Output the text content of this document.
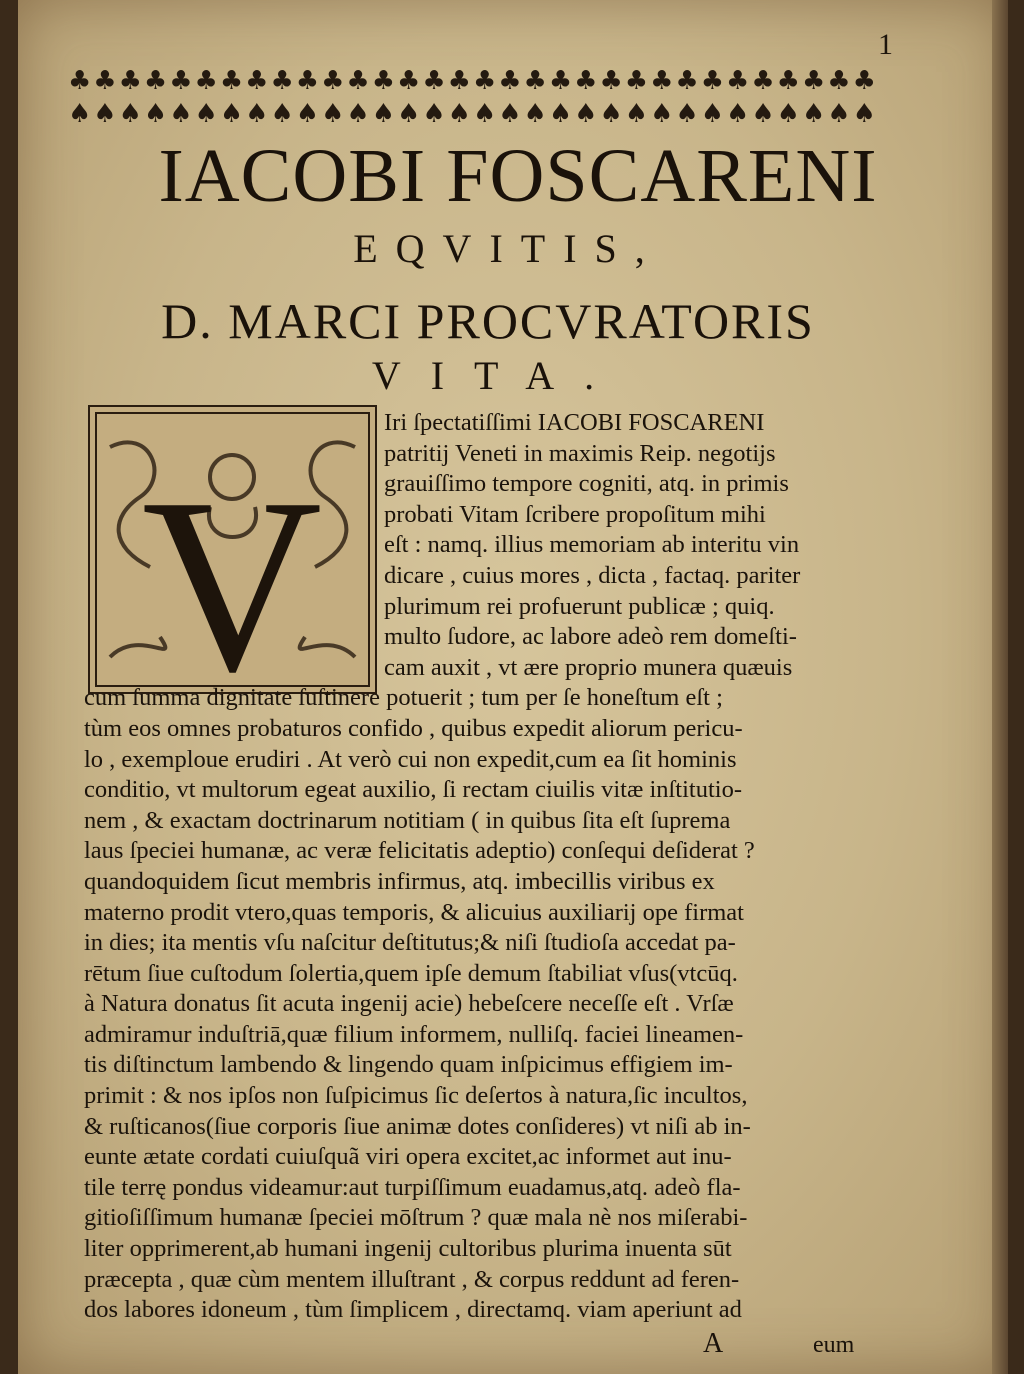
1
♣♣♣♣♣♣♣♣♣♣♣♣♣♣♣♣♣♣♣♣♣♣♣♣♣♣♣♣♣♣♣♣
♠♠♠♠♠♠♠♠♠♠♠♠♠♠♠♠♠♠♠♠♠♠♠♠♠♠♠♠♠♠♠♠
IACOBI FOSCARENI
EQVITIS,
D. MARCI PROCVRATORIS
VITA.
V
Iri ſpectatiſſimi IACOBI FOSCARENI
patritij Veneti in maximis Reip. negotijs
grauiſſimo tempore cogniti, atq. in primis
probati Vitam ſcribere propoſitum mihi
eſt : namq. illius memoriam ab interitu vin
dicare , cuius mores , dicta , factaq. pariter
plurimum rei profuerunt publicæ ; quiq.
multo ſudore, ac labore adeò rem domeſti-
cam auxit , vt ære proprio munera quæuis
cum ſumma dignitate ſuſtinere potuerit ; tum per ſe honeſtum eſt ;
tùm eos omnes probaturos confido , quibus expedit aliorum pericu-
lo , exemploue erudiri . At verò cui non expedit,cum ea ſit hominis
conditio, vt multorum egeat auxilio, ſi rectam ciuilis vitæ inſtitutio-
nem , & exactam doctrinarum notitiam ( in quibus ſita eſt ſuprema
laus ſpeciei humanæ, ac veræ felicitatis adeptio) conſequi deſiderat ?
quandoquidem ſicut membris infirmus, atq. imbecillis viribus ex
materno prodit vtero,quas temporis, & alicuius auxiliarij ope firmat
in dies; ita mentis vſu naſcitur deſtitutus;& niſi ſtudioſa accedat pa-
rētum ſiue cuſtodum ſolertia,quem ipſe demum ſtabiliat vſus(vtcūq.
à Natura donatus ſit acuta ingenij acie) hebeſcere neceſſe eſt . Vrſæ
admiramur induſtriā,quæ filium informem, nulliſq. faciei lineamen-
tis diſtinctum lambendo & lingendo quam inſpicimus effigiem im-
primit : & nos ipſos non ſuſpicimus ſic deſertos à natura,ſic incultos,
& ruſticanos(ſiue corporis ſiue animæ dotes conſideres) vt niſi ab in-
eunte ætate cordati cuiuſquã viri opera excitet,ac informet aut inu-
tile terrę pondus videamur:aut turpiſſimum euadamus,atq. adeò fla-
gitioſiſſimum humanæ ſpeciei mōſtrum ? quæ mala nè nos miſerabi-
liter opprimerent,ab humani ingenij cultoribus plurima inuenta sūt
præcepta , quæ cùm mentem illuſtrant , & corpus reddunt ad feren-
dos labores idoneum , tùm ſimplicem , directamq. viam aperiunt ad
A	eum
